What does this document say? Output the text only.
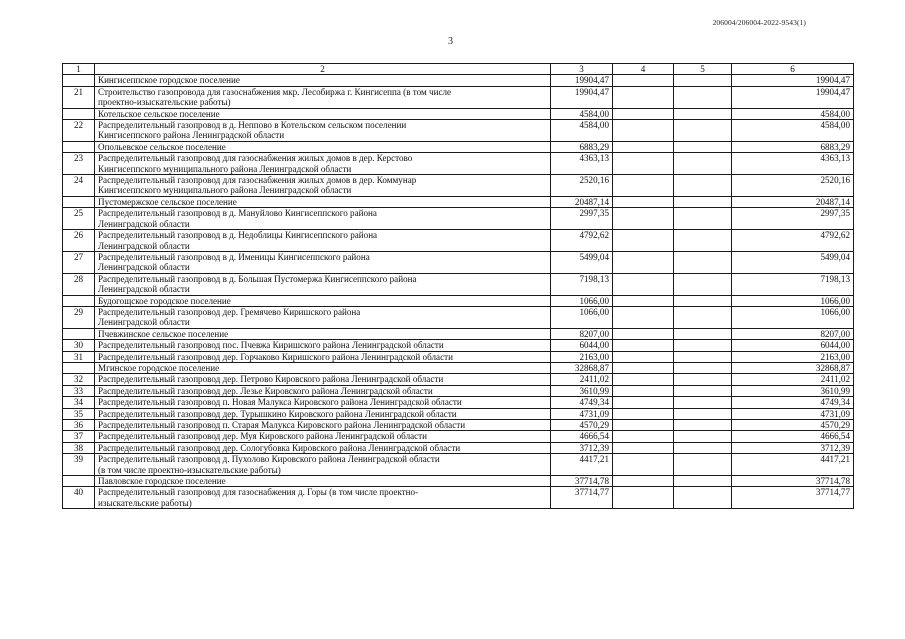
206004/206004-2022-9543(1)
3
1	2	3	4	5	6
	Кингисеппское городское поселение	19904,47			19904,47
21	Строительство газопровода для газоснабжения мкр. Лесобиржа г. Кингисеппа (в том числе
проектно-изыскательские работы)	19904,47			19904,47
	Котельское сельское поселение	4584,00			4584,00
22	Распределительный газопровод в д. Неппово в Котельском сельском поселении
Кингисеппского района Ленинградской области	4584,00			4584,00
	Опольевское сельское поселение	6883,29			6883,29
23	Распределительный газопровод для газоснабжения жилых домов в дер. Керстово
Кингисеппского муниципального района Ленинградской области	4363,13			4363,13
24	Распределительный газопровод для газоснабжения жилых домов в дер. Коммунар
Кингисеппского муниципального района Ленинградской области	2520,16			2520,16
	Пустомержское сельское поселение	20487,14			20487,14
25	Распределительный газопровод в д. Мануйлово Кингисеппского района
Ленинградской области	2997,35			2997,35
26	Распределительный газопровод в д. Недоблицы Кингисеппского района
Ленинградской области	4792,62			4792,62
27	Распределительный газопровод в д. Именицы Кингисеппского района
Ленинградской области	5499,04			5499,04
28	Распределительный газопровод в д. Большая Пустомержа Кингисеппского района
Ленинградской области	7198,13			7198,13
	Будогощское городское поселение	1066,00			1066,00
29	Распределительный газопровод дер. Гремячево Киришского района
Ленинградской области	1066,00			1066,00
	Пчевжинское сельское поселение	8207,00			8207,00
30	Распределительный газопровод пос. Пчевжа Киришского района Ленинградской области	6044,00			6044,00
31	Распределительный газопровод дер. Горчаково Киришского района Ленинградской области	2163,00			2163,00
	Мгинское городское поселение	32868,87			32868,87
32	Распределительный газопровод дер. Петрово Кировского района Ленинградской области	2411,02			2411,02
33	Распределительный газопровод дер. Лезье Кировского района Ленинградской области	3610,99			3610,99
34	Распределительный газопровод п. Новая Малукса Кировского района Ленинградской области	4749,34			4749,34
35	Распределительный газопровод дер. Турышкино Кировского района Ленинградской области	4731,09			4731,09
36	Распределительный газопровод п. Старая Малукса Кировского района Ленинградской области	4570,29			4570,29
37	Распределительный газопровод дер. Муя Кировского района Ленинградской области	4666,54			4666,54
38	Распределительный газопровод дер. Сологубовка Кировского района Ленинградской области	3712,39			3712,39
39	Распределительный газопровод д. Пухолово Кировского района Ленинградской области
(в том числе проектно-изыскательские работы)	4417,21			4417,21
	Павловское городское поселение	37714,78			37714,78
40	Распределительный газопровод для газоснабжения д. Горы (в том числе проектно-
изыскательские работы)	37714,77			37714,77
